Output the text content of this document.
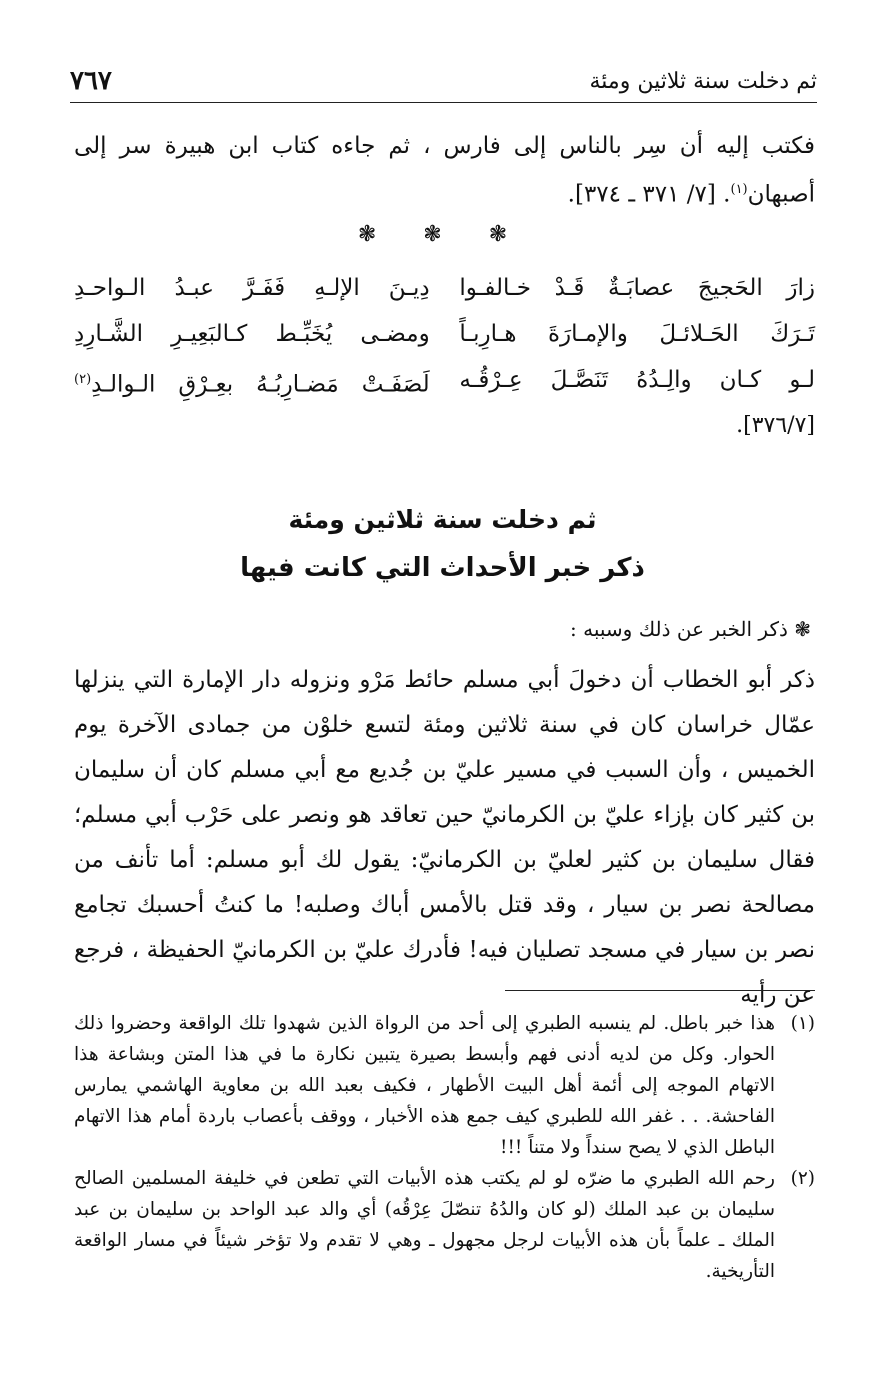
ثم دخلت سنة ثلاثين ومئة
٧٦٧
فكتب إليه أن سِر بالناس إلى فارس ، ثم جاءه كتاب ابن هبيرة سر إلى أصبهان$^{(١)}$. [٧/ ٣٧١ ـ ٣٧٤].
❃ ❃ ❃
زارَ الحَجيجَ عصابَـةٌ قَـدْ خـالفـوا
دِيـنَ الإلـهِ فَفَـرَّ عبـدُ الـواحـدِ
تَـرَكَ الحَـلائـلَ والإمـارَةَ هـارِبـاً
ومضـى يُخَبِّـط كـالبَعِيـرِ الشَّـارِدِ
لـو كـان والِـدُهُ تَنَصَّـلَ عِـرْقُـه
لَصَفَـتْ مَضـارِبُـهُ بعِـرْقِ الـوالـدِ$^{(٢)}$
[٣٧٦/٧].
ثم دخلت سنة ثلاثين ومئة
ذكر خبر الأحداث التي كانت فيها
❃ ذكر الخبر عن ذلك وسببه :
ذكر أبو الخطاب أن دخولَ أبي مسلم حائط مَرْو ونزوله دار الإمارة التي ينزلها عمّال خراسان كان في سنة ثلاثين ومئة لتسع خلوْن من جمادى الآخرة يوم الخميس ، وأن السبب في مسير عليّ بن جُديع مع أبي مسلم كان أن سليمان بن كثير كان بإزاء عليّ بن الكرمانيّ حين تعاقد هو ونصر على حَرْب أبي مسلم؛ فقال سليمان بن كثير لعليّ بن الكرمانيّ: يقول لك أبو مسلم: أما تأنف من مصالحة نصر بن سيار ، وقد قتل بالأمس أباك وصلبه! ما كنتُ أحسبك تجامع نصر بن سيار في مسجد تصليان فيه! فأدرك عليّ بن الكرمانيّ الحفيظة ، فرجع عن رأيه
(١)
هذا خبر باطل. لم ينسبه الطبري إلى أحد من الرواة الذين شهدوا تلك الواقعة وحضروا ذلك الحوار. وكل من لديه أدنى فهم وأبسط بصيرة يتبين نكارة ما في هذا المتن وبشاعة هذا الاتهام الموجه إلى أئمة أهل البيت الأطهار ، فكيف بعبد الله بن معاوية الهاشمي يمارس الفاحشة. . . غفر الله للطبري كيف جمع هذه الأخبار ، ووقف بأعصاب باردة أمام هذا الاتهام الباطل الذي لا يصح سنداً ولا متناً !!!
(٢)
رحم الله الطبري ما ضرّه لو لم يكتب هذه الأبيات التي تطعن في خليفة المسلمين الصالح سليمان بن عبد الملك (لو كان والدُهُ تنصّلَ عِرْقُه) أي والد عبد الواحد بن سليمان بن عبد الملك ـ علماً بأن هذه الأبيات لرجل مجهول ـ وهي لا تقدم ولا تؤخر شيئاً في مسار الواقعة التأريخية.
